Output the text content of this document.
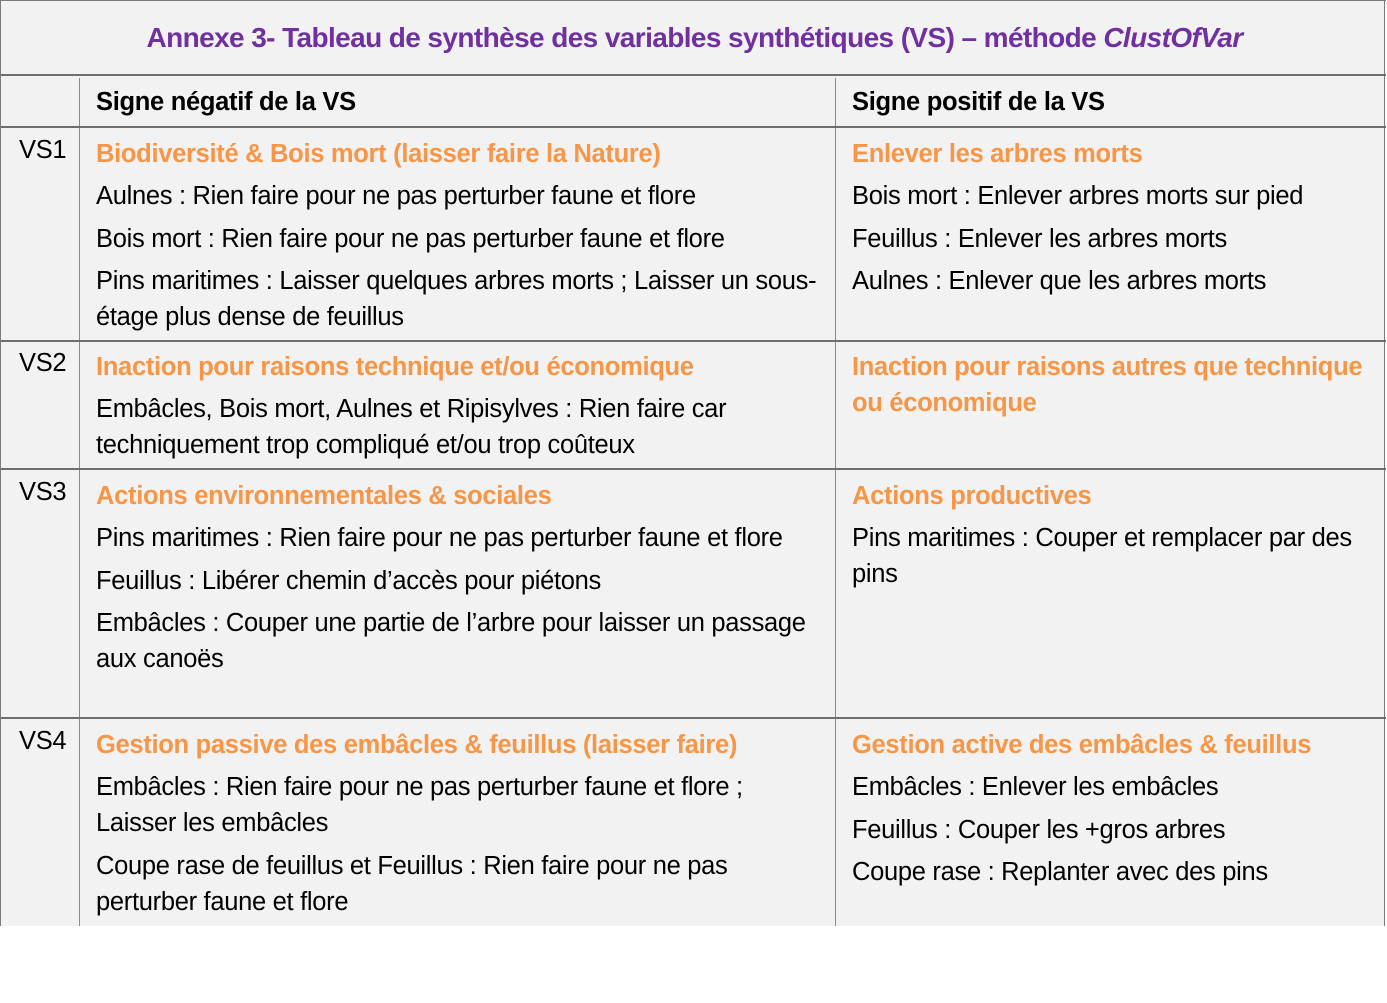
Annexe 3- Tableau de synthèse des variables synthétiques (VS) – méthode ClustOfVar
Signe négatif de la VS	Signe positif de la VS
VS1 Biodiversité & Bois mort (laisser faire la Nature)
Aulnes : Rien faire pour ne pas perturber faune et flore
Bois mort : Rien faire pour ne pas perturber faune et flore
Pins maritimes : Laisser quelques arbres morts ; Laisser un sous-étage plus dense de feuillus
Enlever les arbres morts
Bois mort : Enlever arbres morts sur pied
Feuillus : Enlever les arbres morts
Aulnes : Enlever que les arbres morts
VS2 Inaction pour raisons technique et/ou économique
Embâcles, Bois mort, Aulnes et Ripisylves : Rien faire car techniquement trop compliqué et/ou trop coûteux
Inaction pour raisons autres que technique ou économique
VS3 Actions environnementales & sociales
Pins maritimes : Rien faire pour ne pas perturber faune et flore
Feuillus : Libérer chemin d’accès pour piétons
Embâcles : Couper une partie de l’arbre pour laisser un passage aux canoës
Actions productives
Pins maritimes : Couper et remplacer par des pins
VS4 Gestion passive des embâcles & feuillus (laisser faire)
Embâcles : Rien faire pour ne pas perturber faune et flore ; Laisser les embâcles
Coupe rase de feuillus et Feuillus : Rien faire pour ne pas perturber faune et flore
Gestion active des embâcles & feuillus
Embâcles : Enlever les embâcles
Feuillus : Couper les +gros arbres
Coupe rase : Replanter avec des pins
